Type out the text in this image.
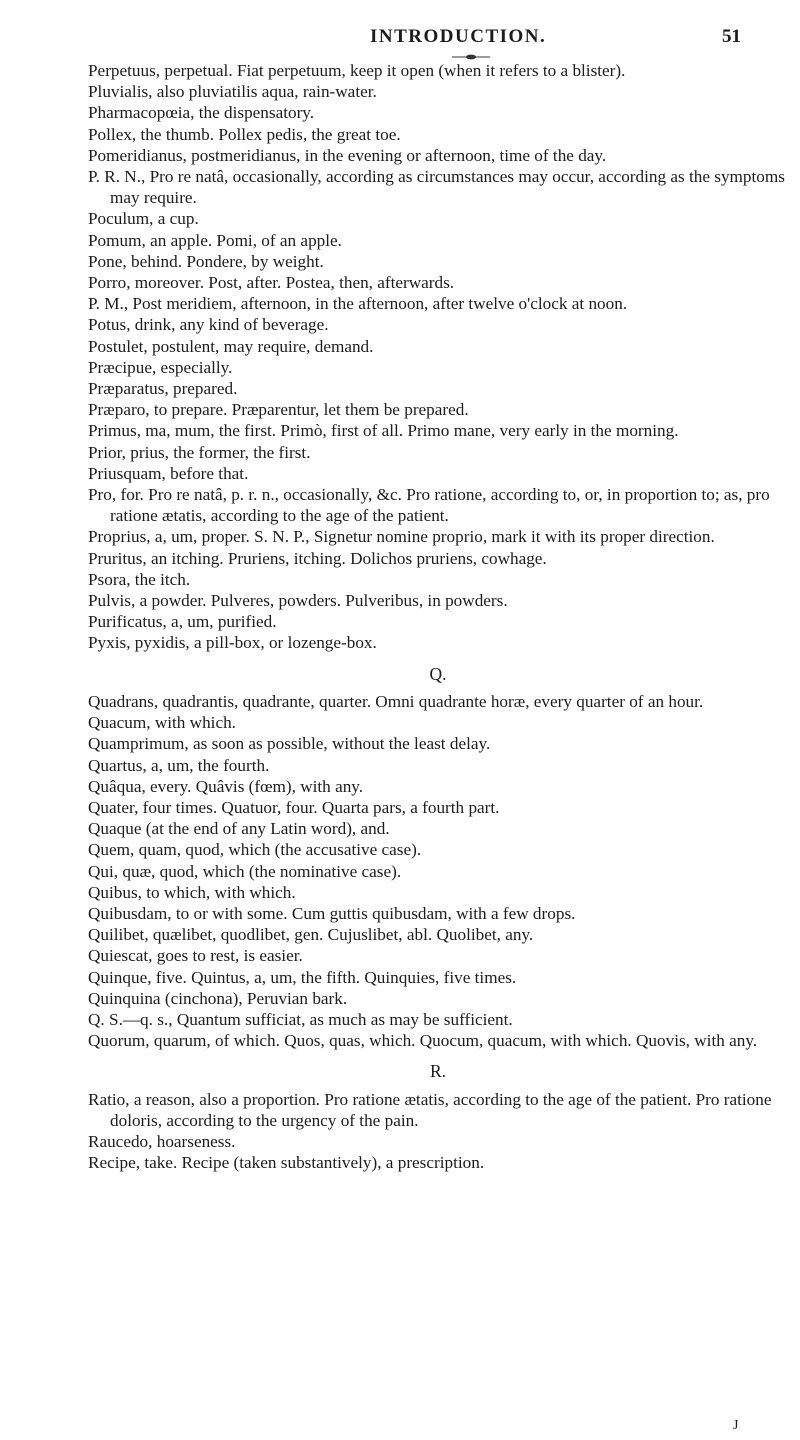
INTRODUCTION.	51

Perpetuus, perpetual. Fiat perpetuum, keep it open (when it refers to a blister).

Pluvialis, also pluviatilis aqua, rain-water.

Pharmacopœia, the dispensatory.

Pollex, the thumb. Pollex pedis, the great toe.

Pomeridianus, postmeridianus, in the evening or afternoon, time of the day.

P. R. N., Pro re natâ, occasionally, according as circumstances may occur, according as the symptoms may require.

Poculum, a cup.

Pomum, an apple. Pomi, of an apple.

Pone, behind. Pondere, by weight.

Porro, moreover. Post, after. Postea, then, afterwards.

P. M., Post meridiem, afternoon, in the afternoon, after twelve o'clock at noon.

Potus, drink, any kind of beverage.

Postulet, postulent, may require, demand.

Præcipue, especially.

Præparatus, prepared.

Præparo, to prepare. Præparentur, let them be prepared.

Primus, ma, mum, the first. Primò, first of all. Primo mane, very early in the morning.

Prior, prius, the former, the first.

Priusquam, before that.

Pro, for. Pro re natâ, p. r. n., occasionally, &c. Pro ratione, according to, or, in proportion to; as, pro ratione ætatis, according to the age of the patient.

Proprius, a, um, proper. S. N. P., Signetur nomine proprio, mark it with its proper direction.

Pruritus, an itching. Pruriens, itching. Dolichos pruriens, cowhage.

Psora, the itch.

Pulvis, a powder. Pulveres, powders. Pulveribus, in powders.

Purificatus, a, um, purified.

Pyxis, pyxidis, a pill-box, or lozenge-box.

Q.

Quadrans, quadrantis, quadrante, quarter. Omni quadrante horæ, every quarter of an hour.

Quacum, with which.

Quamprimum, as soon as possible, without the least delay.

Quartus, a, um, the fourth.

Quâqua, every. Quâvis (fœm), with any.

Quater, four times. Quatuor, four. Quarta pars, a fourth part.

Quaque (at the end of any Latin word), and.

Quem, quam, quod, which (the accusative case).

Qui, quæ, quod, which (the nominative case).

Quibus, to which, with which.

Quibusdam, to or with some. Cum guttis quibusdam, with a few drops.

Quilibet, quælibet, quodlibet, gen. Cujuslibet, abl. Quolibet, any.

Quiescat, goes to rest, is easier.

Quinque, five. Quintus, a, um, the fifth. Quinquies, five times.

Quinquina (cinchona), Peruvian bark.

Q. S.—q. s., Quantum sufficiat, as much as may be sufficient.

Quorum, quarum, of which. Quos, quas, which. Quocum, quacum, with which. Quovis, with any.

R.

Ratio, a reason, also a proportion. Pro ratione ætatis, according to the age of the patient. Pro ratione doloris, according to the urgency of the pain.

Raucedo, hoarseness.

Recipe, take. Recipe (taken substantively), a prescription.

J
